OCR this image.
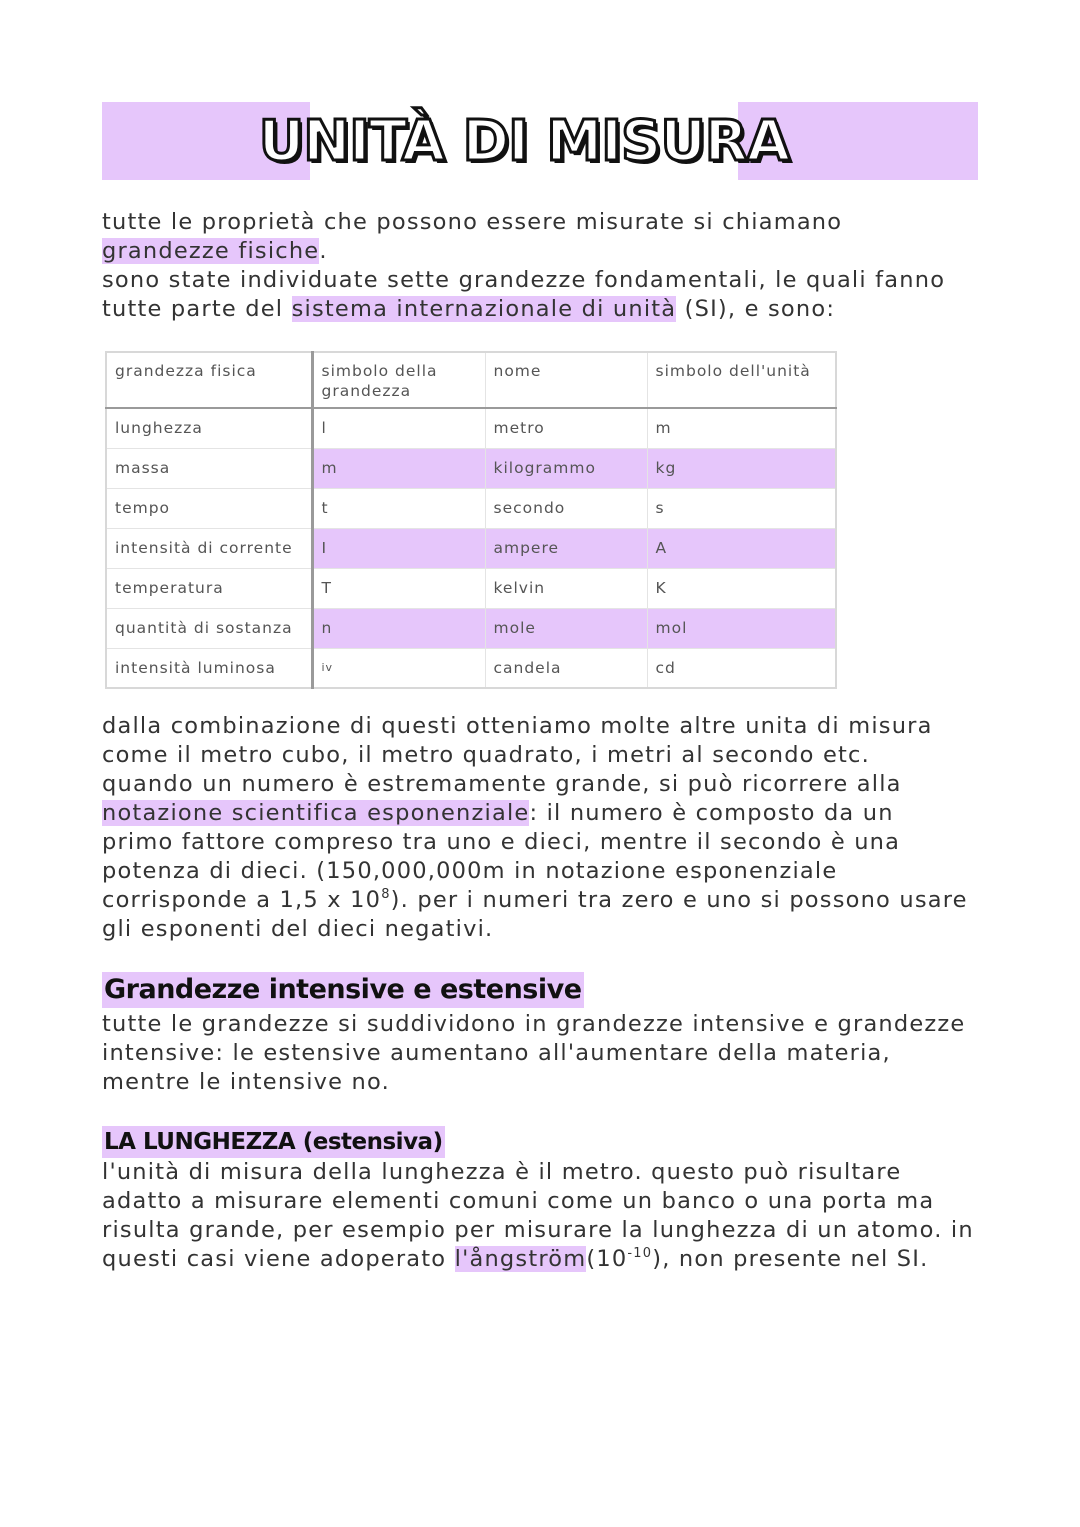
UNITÀ DI MISURA
tutte le proprietà che possono essere misurate si chiamano
grandezze fisiche.
sono state individuate sette grandezze fondamentali, le quali fanno
tutte parte del sistema internazionale di unità (SI), e sono:
grandezza fisica	simbolo della grandezza	nome	simbolo dell'unità
lunghezza	l	metro	m
massa	m	kilogrammo	kg
tempo	t	secondo	s
intensità di corrente	I	ampere	A
temperatura	T	kelvin	K
quantità di sostanza	n	mole	mol
intensità luminosa	iv	candela	cd
dalla combinazione di questi otteniamo molte altre unita di misura
come il metro cubo, il metro quadrato, i metri al secondo etc.
quando un numero è estremamente grande, si può ricorrere alla
notazione scientifica esponenziale: il numero è composto da un
primo fattore compreso tra uno e dieci, mentre il secondo è una
potenza di dieci. (150,000,000m in notazione esponenziale
corrisponde a 1,5 x $10^8$). per i numeri tra zero e uno si possono usare
gli esponenti del dieci negativi.
Grandezze intensive e estensive
tutte le grandezze si suddividono in grandezze intensive e grandezze
intensive: le estensive aumentano all'aumentare della materia,
mentre le intensive no.
LA LUNGHEZZA (estensiva)
l'unità di misura della lunghezza è il metro. questo può risultare
adatto a misurare elementi comuni come un banco o una porta ma
risulta grande, per esempio per misurare la lunghezza di un atomo. in
questi casi viene adoperato $l'ångström(10^{-10})$, non presente nel SI.
